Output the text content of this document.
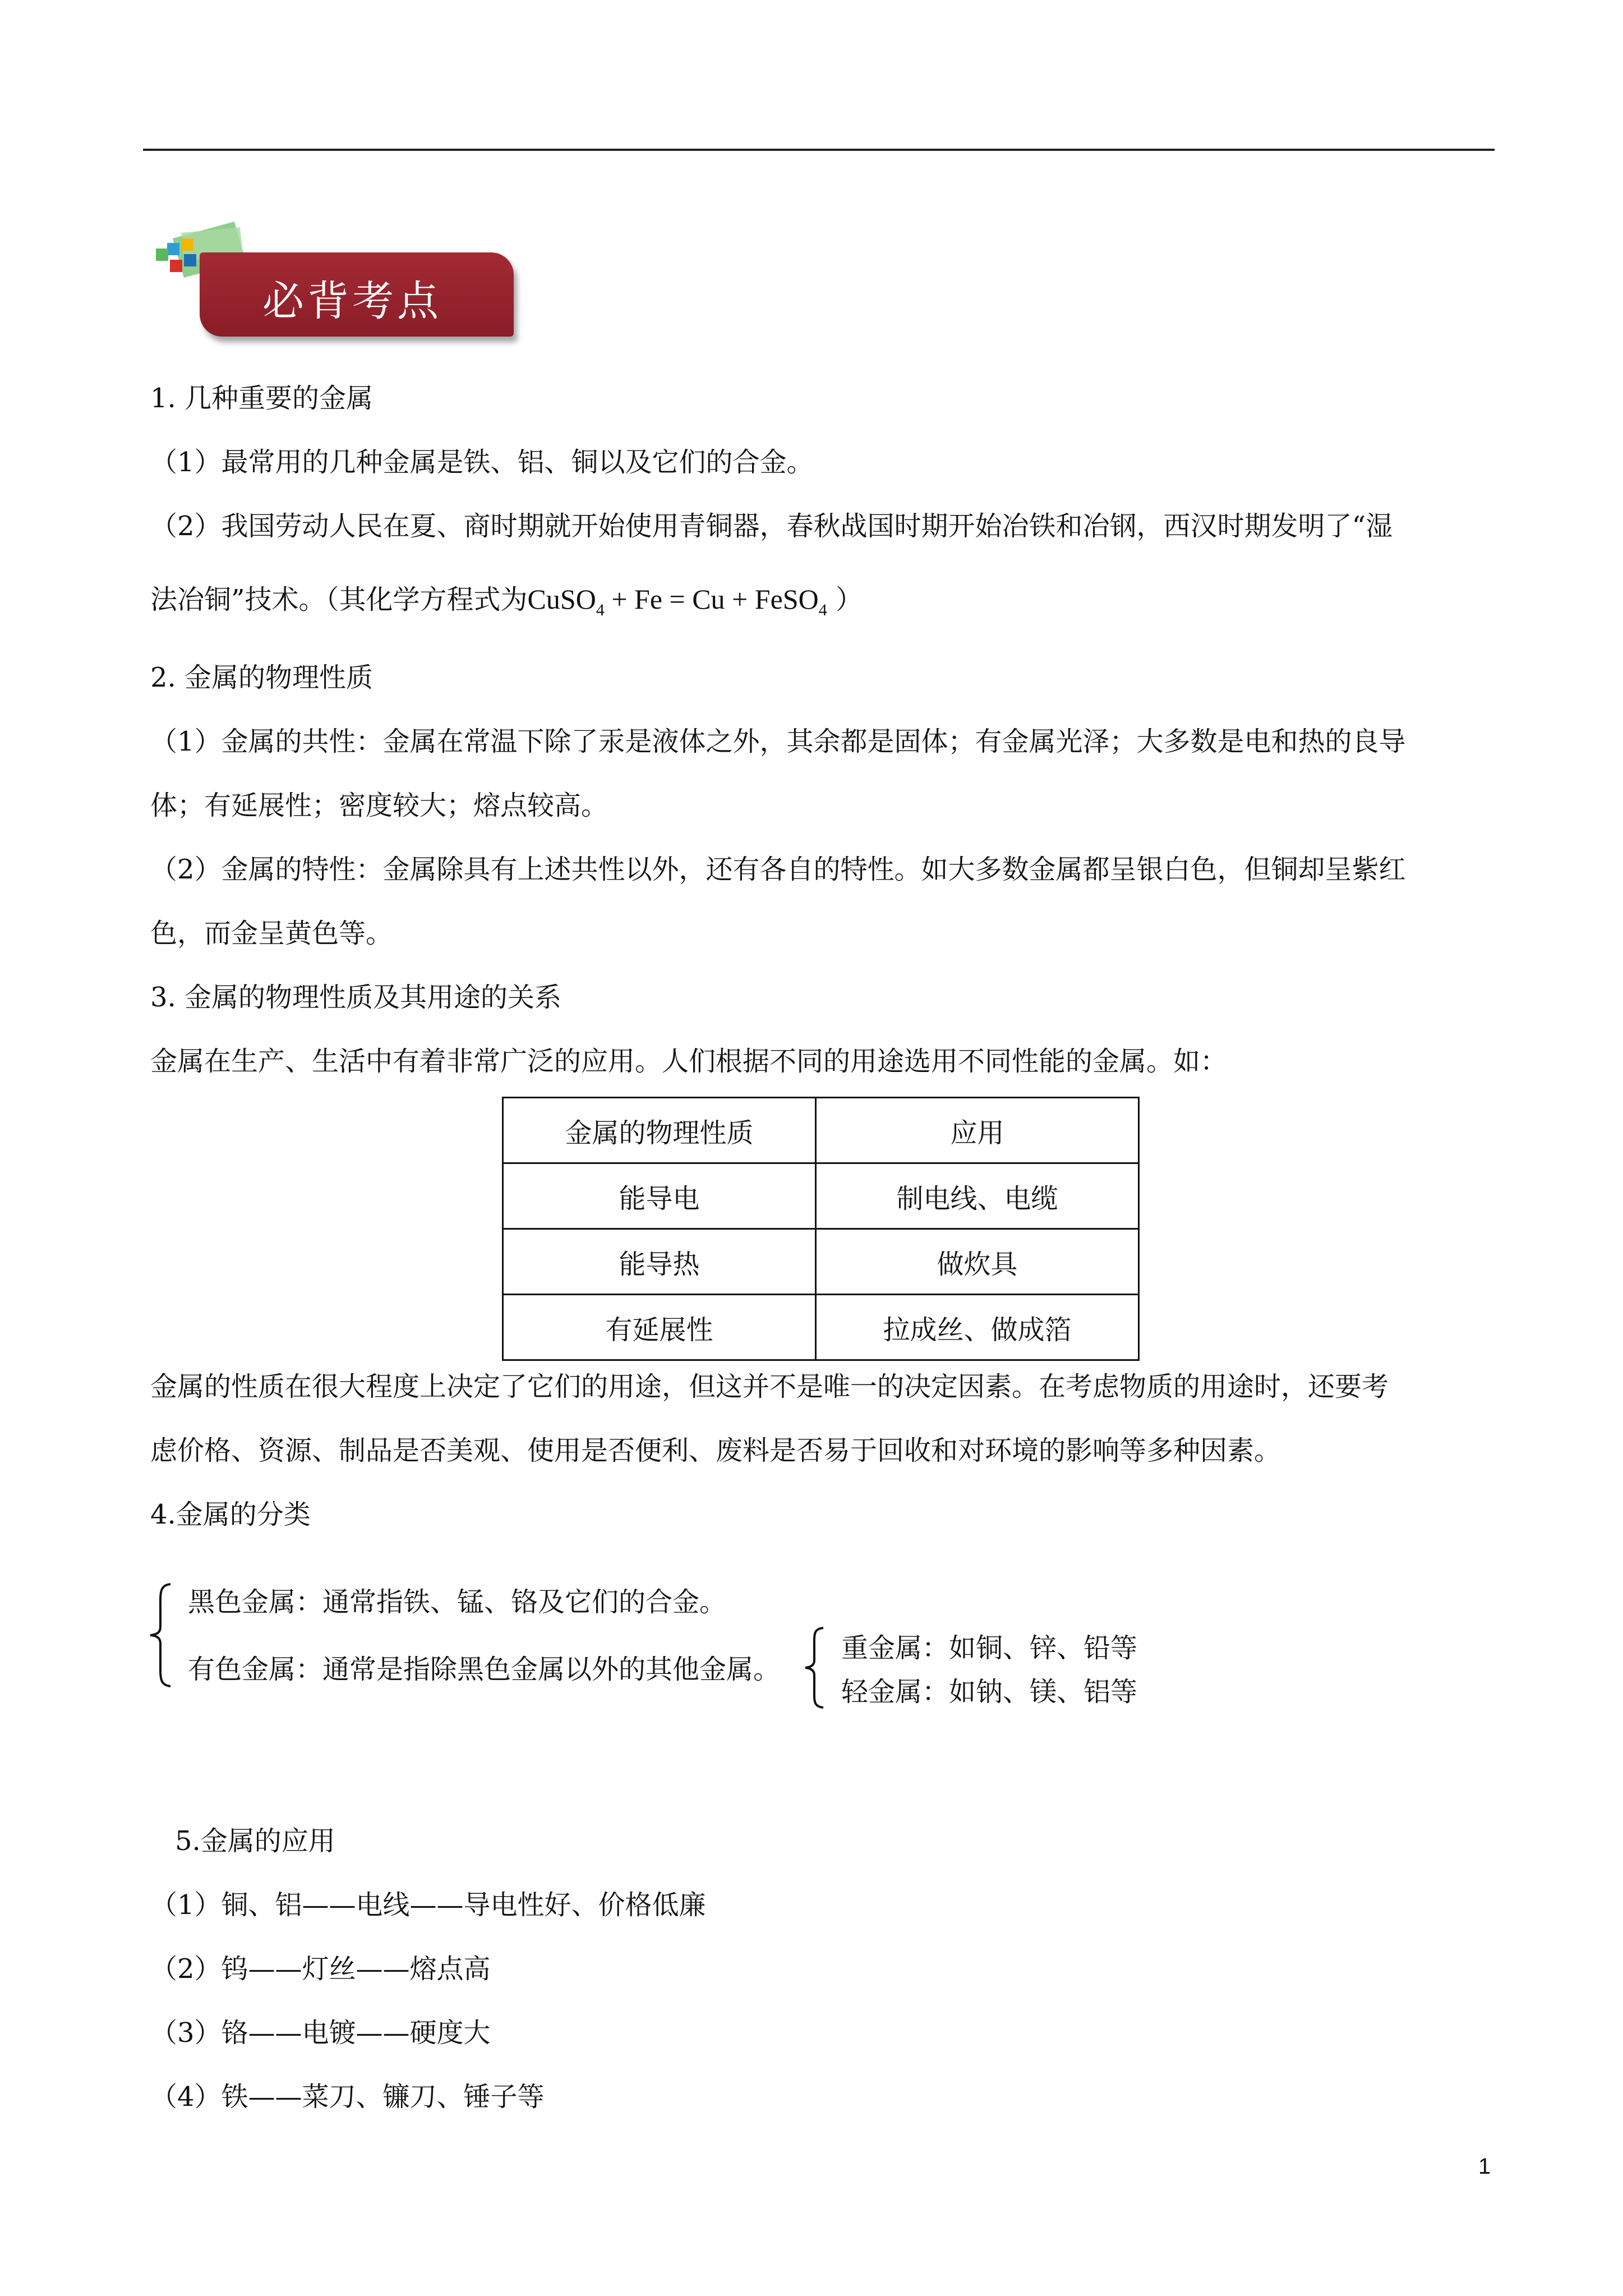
必背考点
1. 几种重要的金属
（1）最常用的几种金属是铁、铝、铜以及它们的合金。
（2）我国劳动人民在夏、商时期就开始使用青铜器，春秋战国时期开始冶铁和冶钢，西汉时期发明了“湿
法冶铜”技术。（其化学方程式为CuSO$_4$ + Fe = Cu + FeSO$_4$ ）
2. 金属的物理性质
（1）金属的共性：金属在常温下除了汞是液体之外，其余都是固体；有金属光泽；大多数是电和热的良导
体；有延展性；密度较大；熔点较高。
（2）金属的特性：金属除具有上述共性以外，还有各自的特性。如大多数金属都呈银白色，但铜却呈紫红
色，而金呈黄色等。
3. 金属的物理性质及其用途的关系
金属在生产、生活中有着非常广泛的应用。人们根据不同的用途选用不同性能的金属。如：
金属的物理性质	应用
能导电	制电线、电缆
能导热	做炊具
有延展性	拉成丝、做成箔
金属的性质在很大程度上决定了它们的用途，但这并不是唯一的决定因素。在考虑物质的用途时，还要考
虑价格、资源、制品是否美观、使用是否便利、废料是否易于回收和对环境的影响等多种因素。
4.金属的分类
黑色金属：通常指铁、锰、铬及它们的合金。
有色金属：通常是指除黑色金属以外的其他金属。
重金属：如铜、锌、铅等
轻金属：如钠、镁、铝等
5.金属的应用
（1）铜、铝——电线——导电性好、价格低廉
（2）钨——灯丝——熔点高
（3）铬——电镀——硬度大
（4）铁——菜刀、镰刀、锤子等
1
